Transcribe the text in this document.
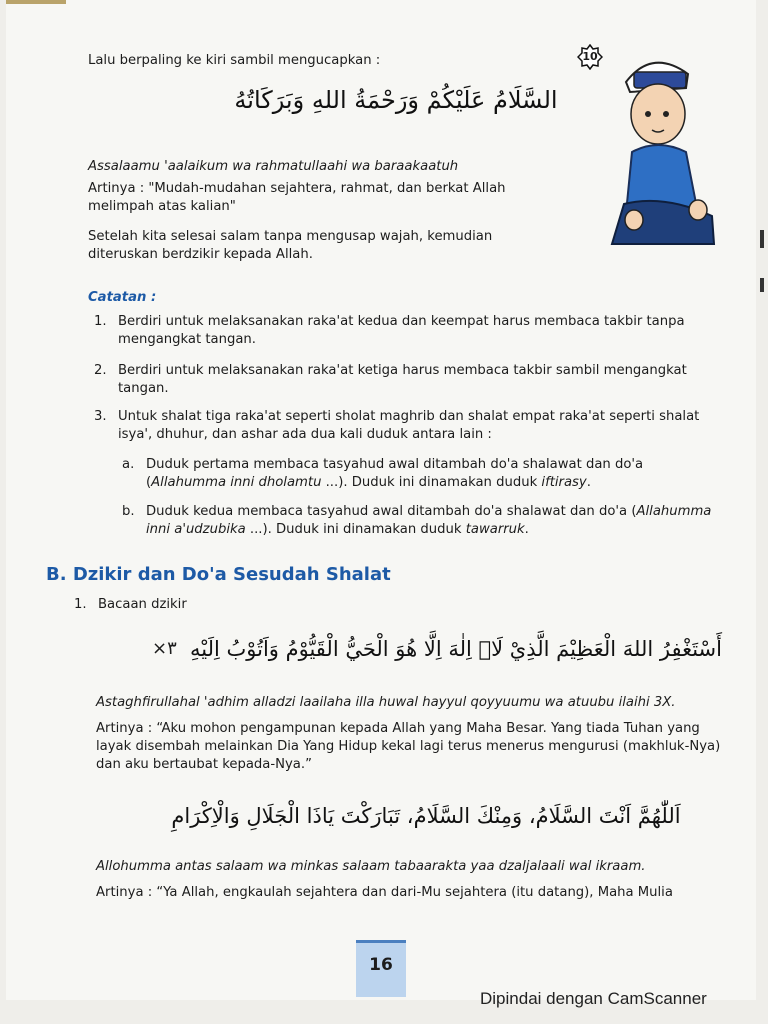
Lalu berpaling ke kiri sambil mengucapkan :	10
السَّلَامُ عَلَيْكُمْ وَرَحْمَةُ اللهِ وَبَرَكَاتُهُ
Assalaamu 'aalaikum wa rahmatullaahi wa baraakaatuh
Artinya : "Mudah-mudahan sejahtera, rahmat, dan berkat Allah melimpah atas kalian"
Setelah kita selesai salam tanpa mengusap wajah, kemudian diteruskan berdzikir kepada Allah.
Catatan :
1. Berdiri untuk melaksanakan raka'at kedua dan keempat harus membaca takbir tanpa mengangkat tangan.
2. Berdiri untuk melaksanakan raka'at ketiga harus membaca takbir sambil mengangkat tangan.
3. Untuk shalat tiga raka'at seperti sholat maghrib dan shalat empat raka'at seperti shalat isya', dhuhur, dan ashar ada dua kali duduk antara lain :
a. Duduk pertama membaca tasyahud awal ditambah do'a shalawat dan do'a (Allahumma inni dholamtu ...). Duduk ini dinamakan duduk iftirasy.
b. Duduk kedua membaca tasyahud awal ditambah do'a shalawat dan do'a (Allahumma inni a'udzubika ...). Duduk ini dinamakan duduk tawarruk.
B. Dzikir dan Do'a Sesudah Shalat
1. Bacaan dzikir
أَسْتَغْفِرُ اللهَ الْعَظِيْمَ الَّذِيْ لَاۤ اِلٰهَ اِلَّا هُوَ الْحَيُّ الْقَيُّوْمُ وَاَتُوْبُ اِلَيْهِ
×٣
Astaghfirullahal 'adhim alladzi laailaha illa huwal hayyul qoyyuumu wa atuubu ilaihi 3X.
Artinya : “Aku mohon pengampunan kepada Allah yang Maha Besar. Yang tiada Tuhan yang layak disembah melainkan Dia Yang Hidup kekal lagi terus menerus mengurusi (makhluk-Nya) dan aku bertaubat kepada-Nya.”
اَللّٰهُمَّ اَنْتَ السَّلَامُ، وَمِنْكَ السَّلَامُ، تَبَارَكْتَ يَاذَا الْجَلَالِ وَالْاِكْرَامِ
Allohumma antas salaam wa minkas salaam tabaarakta yaa dzaljalaali wal ikraam.
Artinya : “Ya Allah, engkaulah sejahtera dan dari-Mu sejahtera (itu datang), Maha Mulia
16
Dipindai dengan CamScanner
